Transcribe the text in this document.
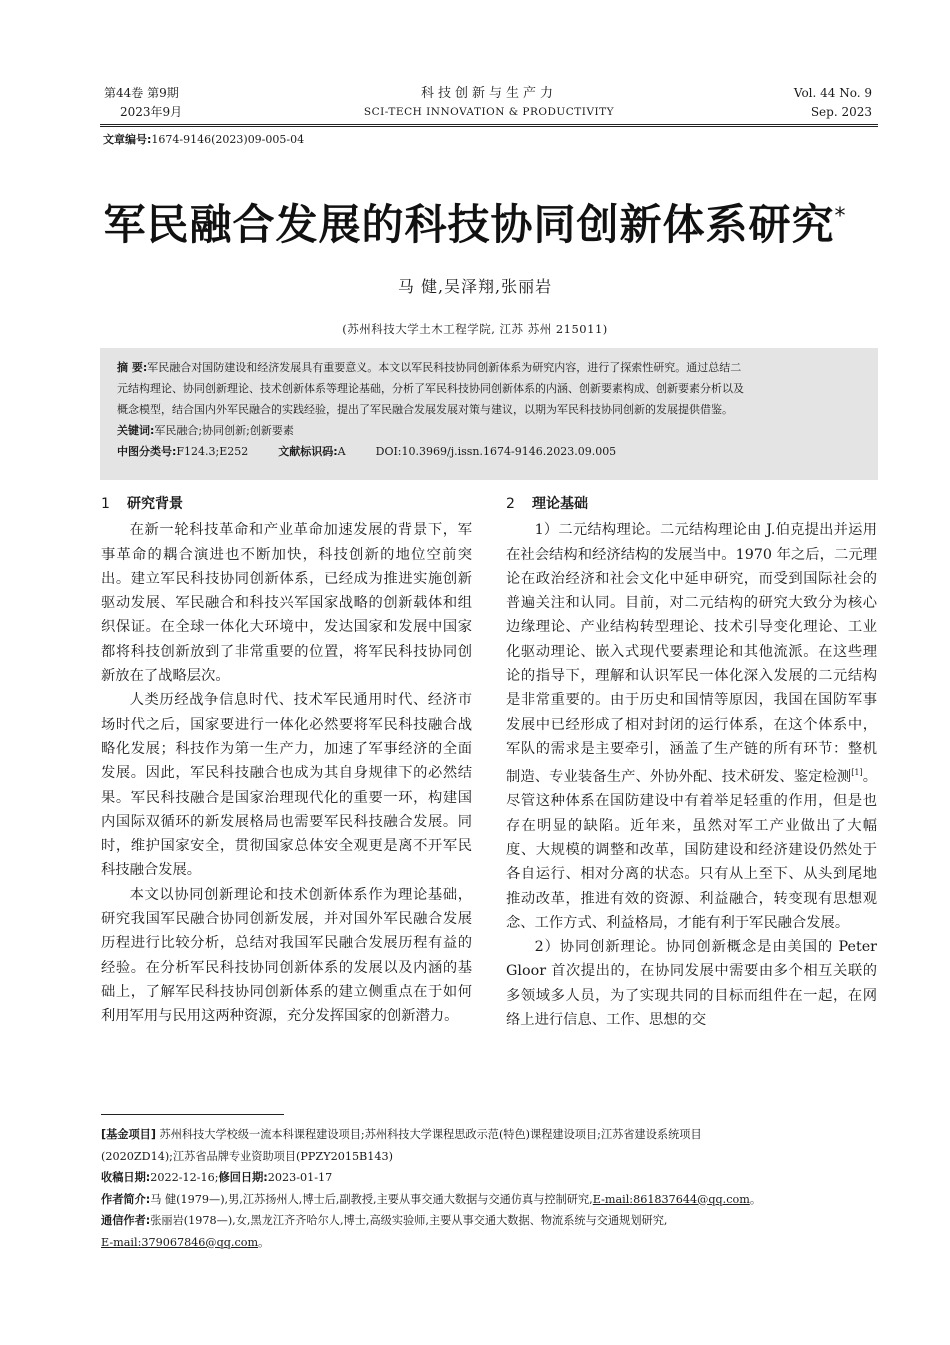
第44卷 第9期
2023年9月
科技创新与生产力
SCI-TECH INNOVATION & PRODUCTIVITY
Vol. 44 No. 9
Sep. 2023
文章编号:1674-9146(2023)09-005-04
军民融合发展的科技协同创新体系研究*
马 健,吴泽翔,张丽岩
(苏州科技大学土木工程学院, 江苏 苏州 215011)

摘 要:军民融合对国防建设和经济发展具有重要意义。本文以军民科技协同创新体系为研究内容，进行了探索性研究。通过总结二

元结构理论、协同创新理论、技术创新体系等理论基础，分析了军民科技协同创新体系的内涵、创新要素构成、创新要素分析以及

概念模型，结合国内外军民融合的实践经验，提出了军民融合发展发展对策与建议，以期为军民科技协同创新的发展提供借鉴。

关键词:军民融合;协同创新;创新要素

中图分类号:F124.3;E252	文献标识码:A	DOI:10.3969/j.issn.1674-9146.2023.09.005

1 研究背景

在新一轮科技革命和产业革命加速发展的背景下，军事革命的耦合演进也不断加快，科技创新的地位空前突出。建立军民科技协同创新体系，已经成为推进实施创新驱动发展、军民融合和科技兴军国家战略的创新载体和组织保证。在全球一体化大环境中，发达国家和发展中国家都将科技创新放到了非常重要的位置，将军民科技协同创新放在了战略层次。

人类历经战争信息时代、技术军民通用时代、经济市场时代之后，国家要进行一体化必然要将军民科技融合战略化发展；科技作为第一生产力，加速了军事经济的全面发展。因此，军民科技融合也成为其自身规律下的必然结果。军民科技融合是国家治理现代化的重要一环，构建国内国际双循环的新发展格局也需要军民科技融合发展。同时，维护国家安全，贯彻国家总体安全观更是离不开军民科技融合发展。

本文以协同创新理论和技术创新体系作为理论基础，研究我国军民融合协同创新发展，并对国外军民融合发展历程进行比较分析，总结对我国军民融合发展历程有益的经验。在分析军民科技协同创新体系的发展以及内涵的基础上，了解军民科技协同创新体系的建立侧重点在于如何利用军用与民用这两种资源，充分发挥国家的创新潜力。

2 理论基础

1）二元结构理论。二元结构理论由 J.伯克提出并运用在社会结构和经济结构的发展当中。1970 年之后，二元理论在政治经济和社会文化中延申研究，而受到国际社会的普遍关注和认同。目前，对二元结构的研究大致分为核心边缘理论、产业结构转型理论、技术引导变化理论、工业化驱动理论、嵌入式现代要素理论和其他流派。在这些理论的指导下，理解和认识军民一体化深入发展的二元结构是非常重要的。由于历史和国情等原因，我国在国防军事发展中已经形成了相对封闭的运行体系，在这个体系中，军队的需求是主要牵引，涵盖了生产链的所有环节：整机制造、专业装备生产、外协外配、技术研发、鉴定检测[1]。尽管这种体系在国防建设中有着举足轻重的作用，但是也存在明显的缺陷。近年来，虽然对军工产业做出了大幅度、大规模的调整和改革，国防建设和经济建设仍然处于各自运行、相对分离的状态。只有从上至下、从头到尾地推动改革，推进有效的资源、利益融合，转变现有思想观念、工作方式、利益格局，才能有利于军民融合发展。

2）协同创新理论。协同创新概念是由美国的 Peter Gloor 首次提出的，在协同发展中需要由多个相互关联的多领域多人员，为了实现共同的目标而组件在一起，在网络上进行信息、工作、思想的交

[基金项目] 苏州科技大学校级一流本科课程建设项目;苏州科技大学课程思政示范(特色)课程建设项目;江苏省建设系统项目

(2020ZD14);江苏省品牌专业资助项目(PPZY2015B143)

收稿日期:2022-12-16;修回日期:2023-01-17

作者简介:马 健(1979—),男,江苏扬州人,博士后,副教授,主要从事交通大数据与交通仿真与控制研究,E-mail:861837644@qq.com。

通信作者:张丽岩(1978—),女,黑龙江齐齐哈尔人,博士,高级实验师,主要从事交通大数据、物流系统与交通规划研究,

E-mail:379067846@qq.com。
